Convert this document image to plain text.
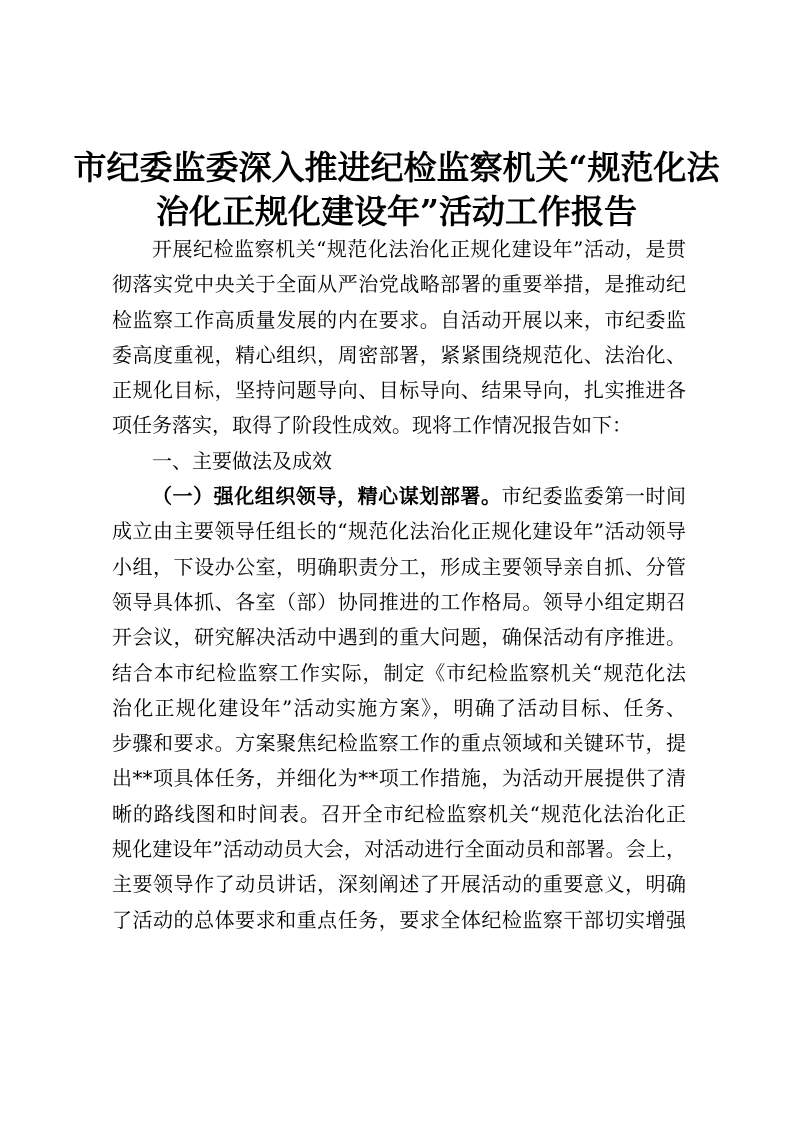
市纪委监委深入推进纪检监察机关“规范化法
治化正规化建设年”活动工作报告
开展纪检监察机关“规范化法治化正规化建设年”活动，是贯
彻落实党中央关于全面从严治党战略部署的重要举措，是推动纪
检监察工作高质量发展的内在要求。自活动开展以来，市纪委监
委高度重视，精心组织，周密部署，紧紧围绕规范化、法治化、
正规化目标，坚持问题导向、目标导向、结果导向，扎实推进各
项任务落实，取得了阶段性成效。现将工作情况报告如下：
一、主要做法及成效
（一）强化组织领导，精心谋划部署。市纪委监委第一时间
成立由主要领导任组长的“规范化法治化正规化建设年”活动领导
小组，下设办公室，明确职责分工，形成主要领导亲自抓、分管
领导具体抓、各室（部）协同推进的工作格局。领导小组定期召
开会议，研究解决活动中遇到的重大问题，确保活动有序推进。
结合本市纪检监察工作实际，制定《市纪检监察机关“规范化法
治化正规化建设年”活动实施方案》，明确了活动目标、任务、
步骤和要求。方案聚焦纪检监察工作的重点领域和关键环节，提
出**项具体任务，并细化为**项工作措施，为活动开展提供了清
晰的路线图和时间表。召开全市纪检监察机关“规范化法治化正
规化建设年”活动动员大会，对活动进行全面动员和部署。会上，
主要领导作了动员讲话，深刻阐述了开展活动的重要意义，明确
了活动的总体要求和重点任务，要求全体纪检监察干部切实增强
